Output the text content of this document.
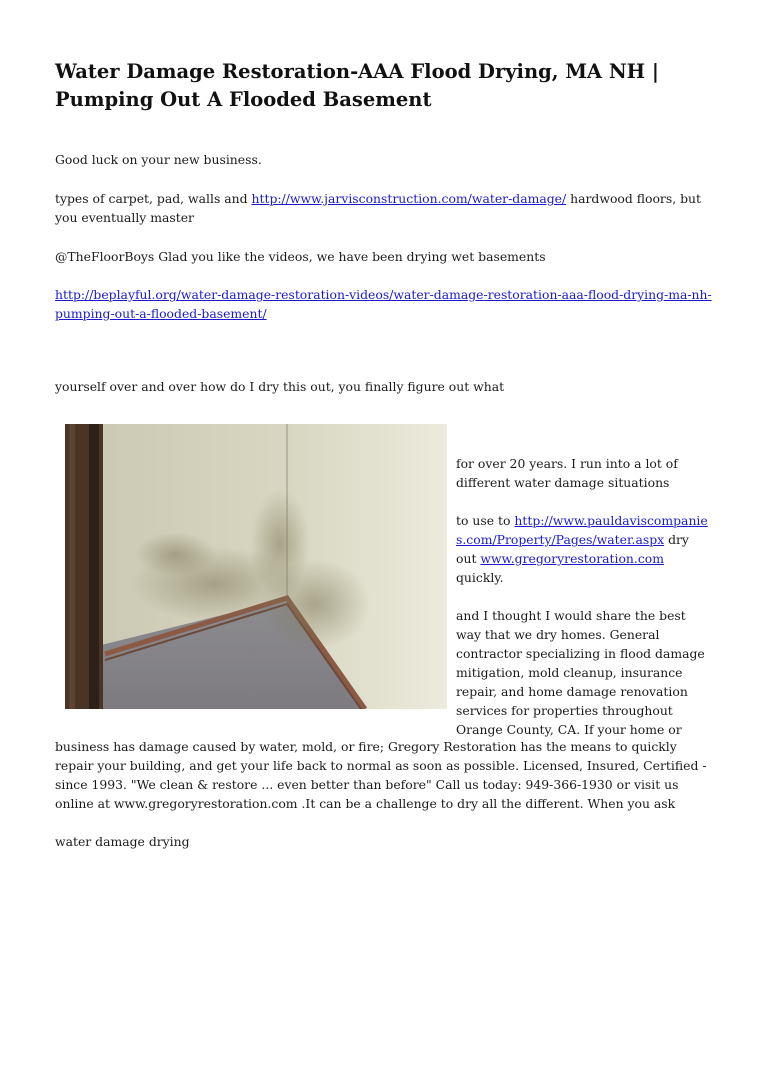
Water Damage Restoration-AAA Flood Drying, MA NH | Pumping Out A Flooded Basement

Good luck on your new business.

types of carpet, pad, walls and http://www.jarvisconstruction.com/water-damage/ hardwood floors, but you eventually master

@TheFloorBoys Glad you like the videos, we have been drying wet basements

http://beplayful.org/water-damage-restoration-videos/water-damage-restoration-aaa-flood-drying-ma-nh-pumping-out-a-flooded-basement/

yourself over and over how do I dry this out, you finally figure out what

for over 20 years. I run into a lot of different water damage situations

to use to http://www.pauldaviscompanies.com/Property/Pages/water.aspx dry out www.gregoryrestoration.com quickly.

and I thought I would share the best way that we dry homes. General contractor specializing in flood damage mitigation, mold cleanup, insurance repair, and home damage renovation services for properties throughout Orange County, CA. If your home or

business has damage caused by water, mold, or fire; Gregory Restoration has the means to quickly repair your building, and get your life back to normal as soon as possible. Licensed, Insured, Certified - since 1993. "We clean & restore ... even better than before" Call us today: 949-366-1930 or visit us online at www.gregoryrestoration.com .It can be a challenge to dry all the different. When you ask

water damage drying
